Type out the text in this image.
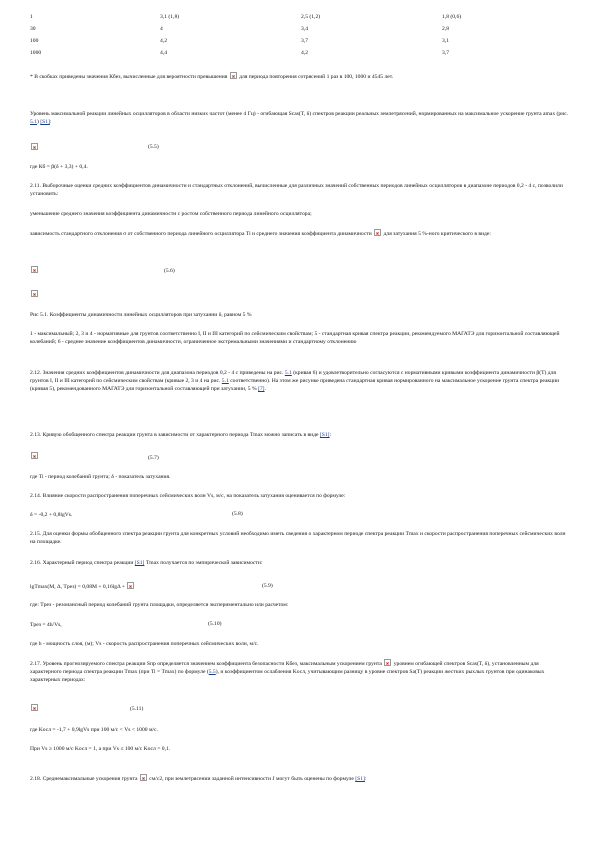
1	3,1 (1,8)	2,5 (1,2)	1,8 (0,6)
30	4	3,4	2,8
100	4,2	3,7	3,1
1000	4,4	4,2	3,7

* В скобках приведены значения Кбез, вычисленные для вероятности превышения для периода повторения сотрясений 1 раз в 100, 1000 и 4545 лет.

Уровень максимальной реакции линейных осцилляторов в области низких частот (менее 4 Гц) - огибающая Scas(T, δ) спектров реакции реальных землетрясений, нормированных на максимальное ускорение грунта amax (рис. 5.1) [S1]:

(5.5)

где Кб = β(δ + 3,3) + 0,4.

2.11. Выборочные оценки средних коэффициентов динамичности и стандартных отклонений, вычисленные для различных значений собственных периодов линейных осцилляторов в диапазоне периодов 0,2 - 4 с, позволили установить:

уменьшение среднего значения коэффициента динамичности с ростом собственного периода линейного осциллятора;

зависимость стандартного отклонения σ от собственного периода линейного осциллятора Ti и среднего значения коэффициента динамичности для затухания 5 %-ного критического в виде:

(5.6)

Рис 5.1. Коэффициенты динамичности линейных осцилляторов при затухании δ, равном 5 %

1 - максимальный; 2, 3 и 4 - нормативные для грунтов соответственно I, II и III категорий по сейсмическим свойствам; 5 - стандартная кривая спектра реакции, рекомендуемого МАГАТЭ для горизонтальной составляющей колебаний; 6 - среднее значение коэффициентов динамичности, ограниченное экстремальными значениями и стандартному отклонению

2.12. Значения средних коэффициентов динамичности для диапазона периодов 0,2 - 4 с приведены на рис. 5.1 (кривая 6) и удовлетворительно согласуются с нормативными кривыми коэффициента динамичности β(T) для грунтов I, II и III категорий по сейсмическим свойствам (кривые 2, 3 и 4 на рис. 5.1 соответственно). На этом же рисунке приведена стандартная кривая нормированного на максимальное ускорение грунта спектра реакции (кривая 5), рекомендованного МАГАТЭ для горизонтальной составляющей при затухании, 5 % [7].

2.13. Кривую обобщенного спектра реакции грунта в зависимости от характерного периода Tmax можно записать в виде [S1]:

(5.7)

где Ti - период колебаний грунта; δ - показатель затухания.

2.14. Влияние скорости распространения поперечных сейсмических волн Vs, м/с, на показатель затухания оценивается по формуле:

δ = -0,2 + 0,8lgVs.	(5.8)

2.15. Для оценки формы обобщенного спектра реакции грунта для конкретных условий необходимо иметь сведения о характерном периоде спектра реакции Tmax и скорости распространения поперечных сейсмических волн на площадке.

2.16. Характерный период спектра реакции [S1] Tmax получается по эмпирической зависимости:

lgTmax(M, Δ, Tpез) = 0,08M + 0,16lgΔ +	(5.9)

где: Tpез - резонансный период колебаний грунта площадки, определяется экспериментально или расчетом:

Tpез = 4h/Vs,	(5.10)

где h - мощность слоя, (м); Vs - скорость распространения поперечных сейсмических волн, м/с.

2.17. Уровень прогнозируемого спектра реакции Sпр определяется значением коэффициента безопасности Кбез, максимальным ускорением грунта уровнем огибающей спектров Scas(T, δ), установленным для характерного периода спектра реакции Tmax (при Ti = Tmax) по формуле (5.5), и коэффициентом ослабления Kосл, учитывающим разницу в уровне спектров Sa(T) реакции жестких рыхлых грунтов при одинаковых характерных периодах:

(5.11)

где Kосл = -1,7 + 0,9lgVs при 100 м/с < Vs < 1000 м/с.

При Vs ≥ 1000 м/с Kосл = 1, а при Vs ≤ 100 м/с Kосл = 0,1.

2.18. Среднемаксимальные ускорения грунта см/с2, при землетрясении заданной интенсивности J могут быть оценены по формуле [S1]:
